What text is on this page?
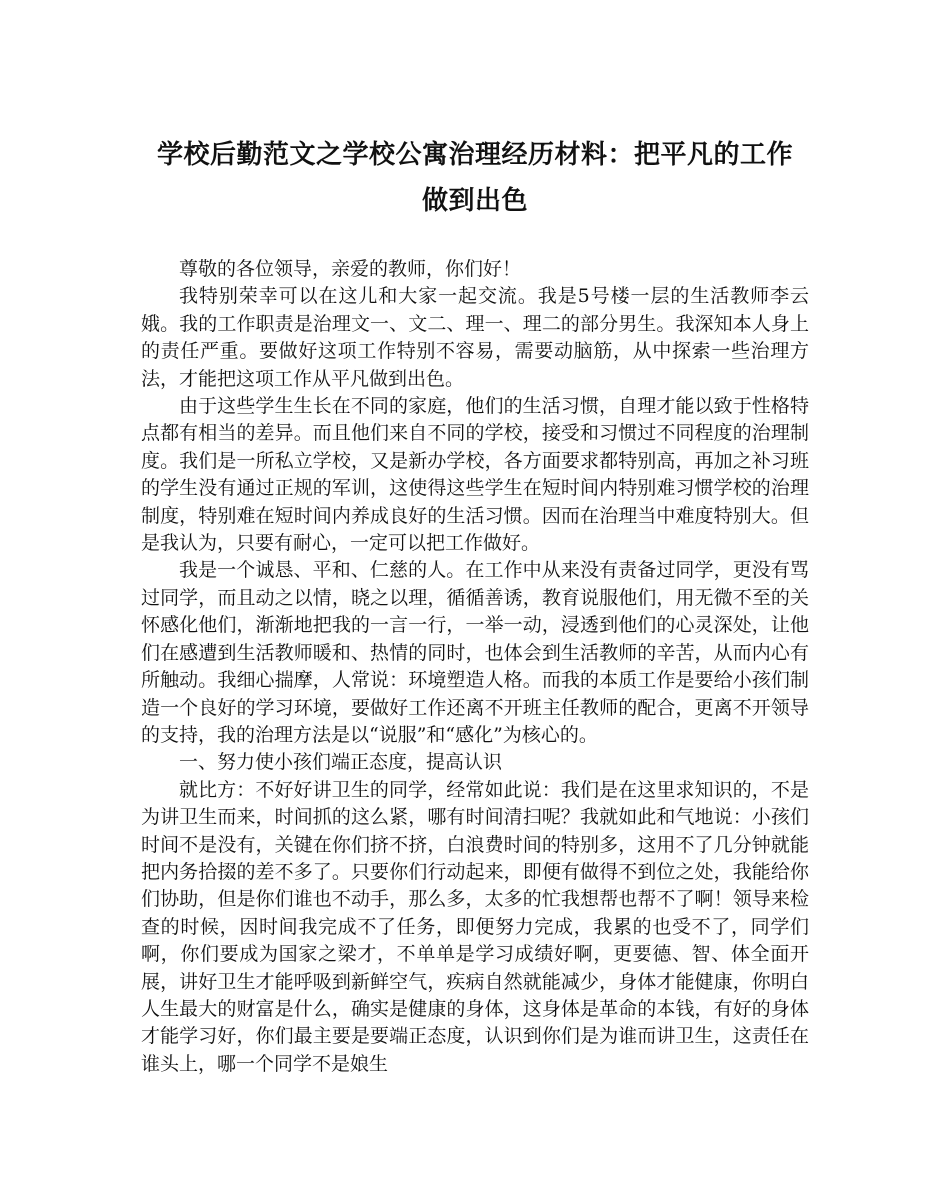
学校后勤范文之学校公寓治理经历材料：把平凡的工作
做到出色

尊敬的各位领导，亲爱的教师，你们好！

我特别荣幸可以在这儿和大家一起交流。我是5号楼一层的生活教师李云娥。我的工作职责是治理文一、文二、理一、理二的部分男生。我深知本人身上的责任严重。要做好这项工作特别不容易，需要动脑筋，从中探索一些治理方法，才能把这项工作从平凡做到出色。

由于这些学生生长在不同的家庭，他们的生活习惯，自理才能以致于性格特点都有相当的差异。而且他们来自不同的学校，接受和习惯过不同程度的治理制度。我们是一所私立学校，又是新办学校，各方面要求都特别高，再加之补习班的学生没有通过正规的军训，这使得这些学生在短时间内特别难习惯学校的治理制度，特别难在短时间内养成良好的生活习惯。因而在治理当中难度特别大。但是我认为，只要有耐心，一定可以把工作做好。

我是一个诚恳、平和、仁慈的人。在工作中从来没有责备过同学，更没有骂过同学，而且动之以情，晓之以理，循循善诱，教育说服他们，用无微不至的关怀感化他们，渐渐地把我的一言一行，一举一动，浸透到他们的心灵深处，让他们在感遭到生活教师暖和、热情的同时，也体会到生活教师的辛苦，从而内心有所触动。我细心揣摩，人常说：环境塑造人格。而我的本质工作是要给小孩们制造一个良好的学习环境，要做好工作还离不开班主任教师的配合，更离不开领导的支持，我的治理方法是以“说服”和“感化”为核心的。

一、努力使小孩们端正态度，提高认识

就比方：不好好讲卫生的同学，经常如此说：我们是在这里求知识的，不是为讲卫生而来，时间抓的这么紧，哪有时间清扫呢？我就如此和气地说：小孩们时间不是没有，关键在你们挤不挤，白浪费时间的特别多，这用不了几分钟就能把内务拾掇的差不多了。只要你们行动起来，即便有做得不到位之处，我能给你们协助，但是你们谁也不动手，那么多，太多的忙我想帮也帮不了啊！领导来检查的时候，因时间我完成不了任务，即便努力完成，我累的也受不了，同学们啊，你们要成为国家之梁才，不单单是学习成绩好啊，更要德、智、体全面开展，讲好卫生才能呼吸到新鲜空气，疾病自然就能减少，身体才能健康，你明白人生最大的财富是什么，确实是健康的身体，这身体是革命的本钱，有好的身体才能学习好，你们最主要是要端正态度，认识到你们是为谁而讲卫生，这责任在谁头上，哪一个同学不是娘生
